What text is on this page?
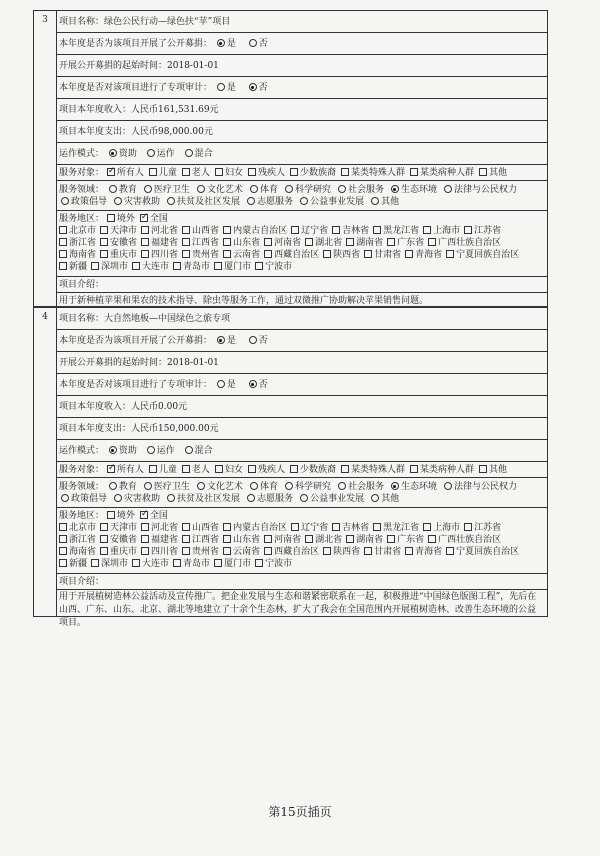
3	项目名称：绿色公民行动—绿色扶“苹”项目
本年度是否为该项目开展了公开募捐： 是	否
开展公开募捐的起始时间：2018-01-01
本年度是否对该项目进行了专项审计： 是	否
项目本年度收入：人民币161,531.69元
项目本年度支出：人民币98,000.00元
运作模式： 资助 运作 混合
服务对象： ✓ 所有人 儿童 老人 妇女 残疾人 少数族裔 某类特殊人群 某类病种人群 其他
服务领域： 教育 医疗卫生 文化艺术 体育 科学研究 社会服务 生态环境 法律与公民权力
政策倡导 灾害救助 扶贫及社区发展 志愿服务 公益事业发展 其他
服务地区： 境外 ✓ 全国
北京市	天津市	河北省	山西省	内蒙古自治区	辽宁省	吉林省	黑龙江省	上海市	江苏省
浙江省	安徽省	福建省	江西省	山东省	河南省	湖北省	湖南省	广东省	广西壮族自治区
海南省	重庆市	四川省	贵州省	云南省	西藏自治区	陕西省	甘肃省	青海省	宁夏回族自治区
新疆	深圳市	大连市	青岛市	厦门市	宁波市
项目介绍：
用于新种植苹果和果农的技术指导、除虫等服务工作，通过双微推广协助解决苹果销售问题。
4	项目名称：大自然地板—中国绿色之旅专项
本年度是否为该项目开展了公开募捐： 是	否
开展公开募捐的起始时间：2018-01-01
本年度是否对该项目进行了专项审计： 是	否
项目本年度收入：人民币0.00元
项目本年度支出：人民币150,000.00元
运作模式： 资助 运作 混合
服务对象： ✓ 所有人 儿童 老人 妇女 残疾人 少数族裔 某类特殊人群 某类病种人群 其他
服务领域： 教育 医疗卫生 文化艺术 体育 科学研究 社会服务 生态环境 法律与公民权力
政策倡导 灾害救助 扶贫及社区发展 志愿服务 公益事业发展 其他
服务地区： 境外 ✓ 全国
北京市	天津市	河北省	山西省	内蒙古自治区	辽宁省	吉林省	黑龙江省	上海市	江苏省
浙江省	安徽省	福建省	江西省	山东省	河南省	湖北省	湖南省	广东省	广西壮族自治区
海南省	重庆市	四川省	贵州省	云南省	西藏自治区	陕西省	甘肃省	青海省	宁夏回族自治区
新疆	深圳市	大连市	青岛市	厦门市	宁波市
项目介绍：
用于开展植树造林公益活动及宣传推广。把企业发展与生态和谐紧密联系在一起，积极推进“中国绿色版图工程”，先后在山西、广东、山东、北京、湖北等地建立了十余个生态林，扩大了我会在全国范围内开展植树造林、改善生态环境的公益项目。
第15页插页
